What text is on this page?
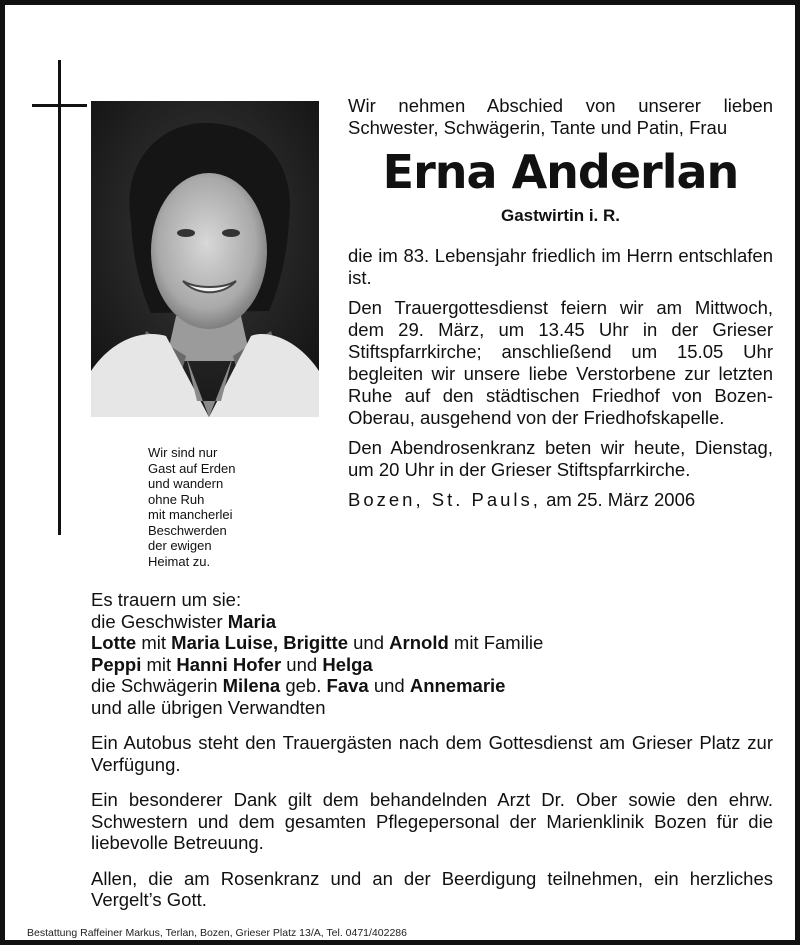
Wir sind nur
Gast auf Erden
und wandern
ohne Ruh
mit mancherlei
Beschwerden
der ewigen
Heimat zu.
Wir nehmen Abschied von unserer lieben
Schwester, Schwägerin, Tante und Patin, Frau
Erna Anderlan
Gastwirtin i. R.
die im 83. Lebensjahr friedlich im Herrn entschlafen ist.
Den Trauergottesdienst feiern wir am Mittwoch, dem 29. März, um 13.45 Uhr in der Grieser Stiftspfarrkirche; anschließend um 15.05 Uhr begleiten wir unsere liebe Verstorbene zur letzten Ruhe auf den städtischen Friedhof von Bozen-Oberau, ausgehend von der Friedhofskapelle.
Den Abendrosenkranz beten wir heute, Dienstag, um 20 Uhr in der Grieser Stiftspfarrkirche.
Bozen, St. Pauls, am 25. März 2006
Es trauern um sie:
die Geschwister Maria
Lotte mit Maria Luise, Brigitte und Arnold mit Familie
Peppi mit Hanni Hofer und Helga
die Schwägerin Milena geb. Fava und Annemarie
und alle übrigen Verwandten
Ein Autobus steht den Trauergästen nach dem Gottesdienst am Grieser Platz zur Verfügung.
Ein besonderer Dank gilt dem behandelnden Arzt Dr. Ober sowie den ehrw. Schwestern und dem gesamten Pflegepersonal der Marienklinik Bozen für die liebevolle Betreuung.
Allen, die am Rosenkranz und an der Beerdigung teilnehmen, ein herzliches Vergelt’s Gott.
Bestattung Raffeiner Markus, Terlan, Bozen, Grieser Platz 13/A, Tel. 0471/402286
